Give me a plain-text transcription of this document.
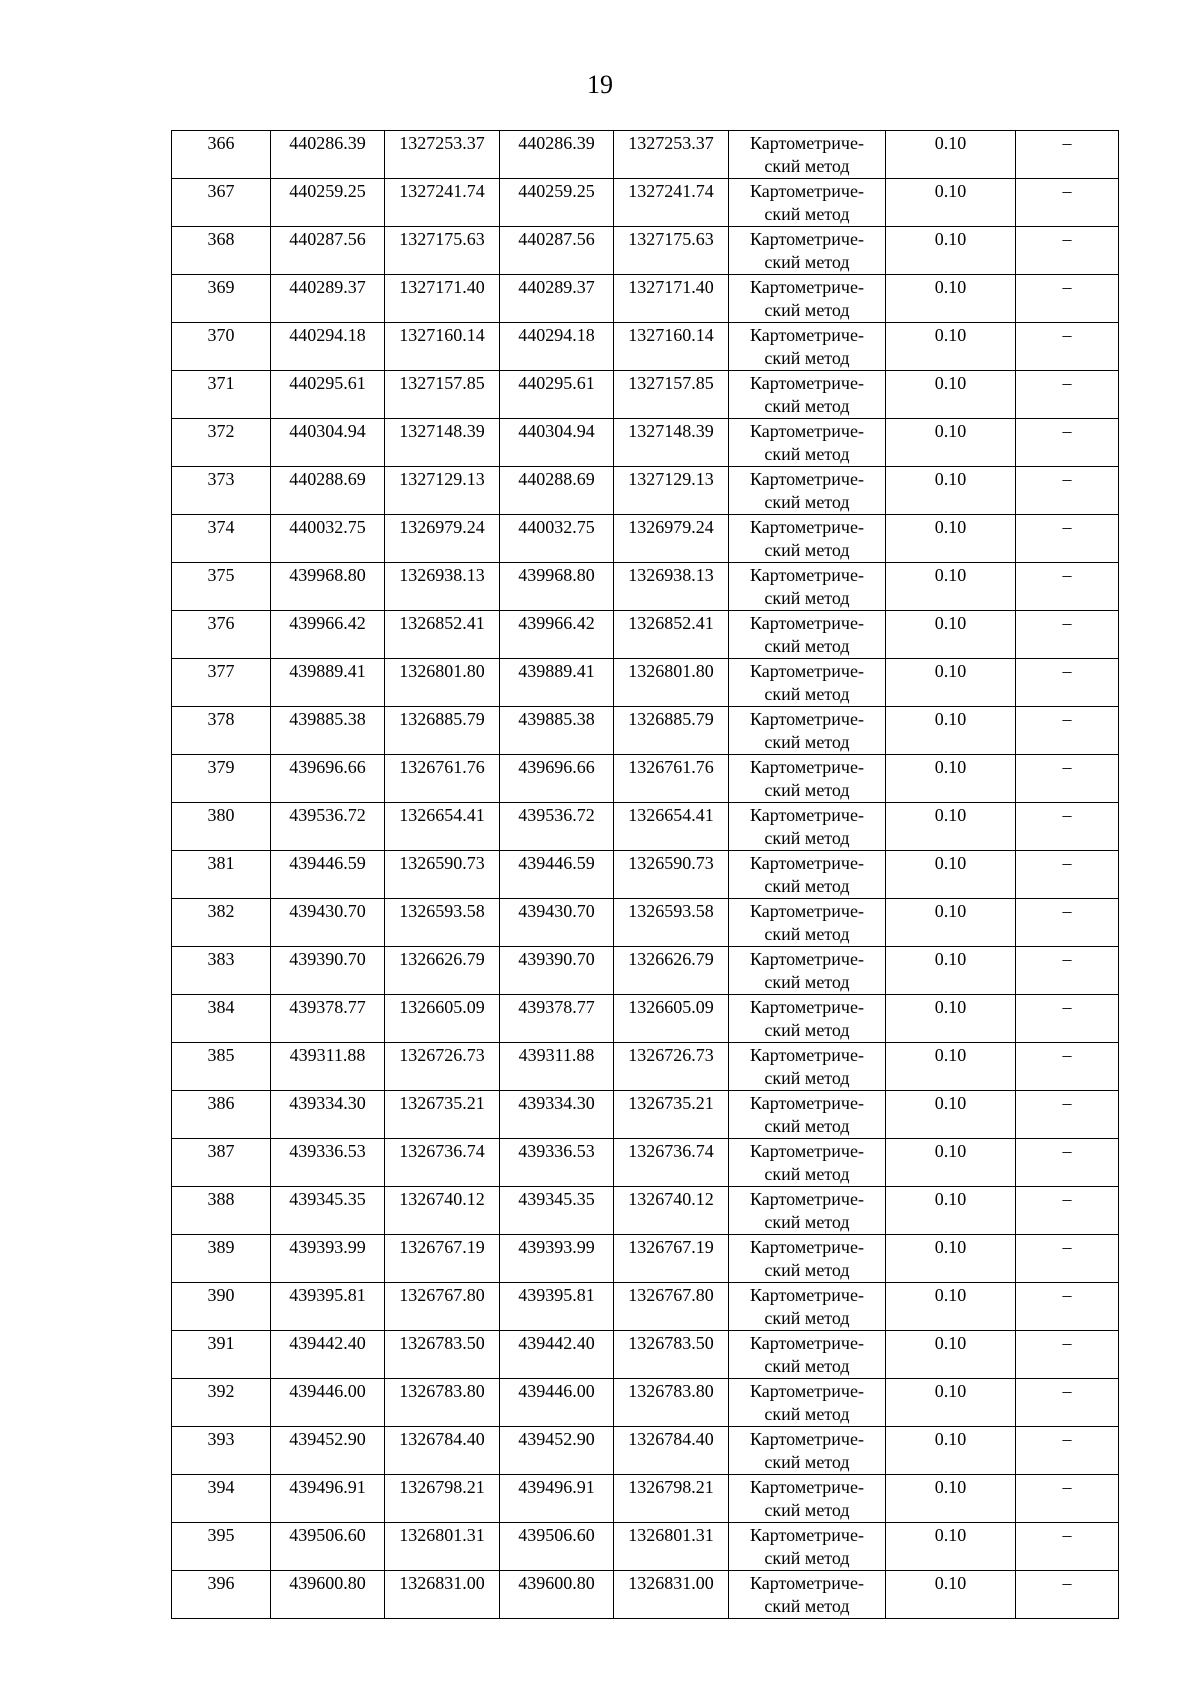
19
366	440286.39	1327253.37	440286.39	1327253.37	Картометриче-
ский метод	0.10	–

367	440259.25	1327241.74	440259.25	1327241.74	Картометриче-
ский метод	0.10	–

368	440287.56	1327175.63	440287.56	1327175.63	Картометриче-
ский метод	0.10	–

369	440289.37	1327171.40	440289.37	1327171.40	Картометриче-
ский метод	0.10	–

370	440294.18	1327160.14	440294.18	1327160.14	Картометриче-
ский метод	0.10	–

371	440295.61	1327157.85	440295.61	1327157.85	Картометриче-
ский метод	0.10	–

372	440304.94	1327148.39	440304.94	1327148.39	Картометриче-
ский метод	0.10	–

373	440288.69	1327129.13	440288.69	1327129.13	Картометриче-
ский метод	0.10	–

374	440032.75	1326979.24	440032.75	1326979.24	Картометриче-
ский метод	0.10	–

375	439968.80	1326938.13	439968.80	1326938.13	Картометриче-
ский метод	0.10	–

376	439966.42	1326852.41	439966.42	1326852.41	Картометриче-
ский метод	0.10	–

377	439889.41	1326801.80	439889.41	1326801.80	Картометриче-
ский метод	0.10	–

378	439885.38	1326885.79	439885.38	1326885.79	Картометриче-
ский метод	0.10	–

379	439696.66	1326761.76	439696.66	1326761.76	Картометриче-
ский метод	0.10	–

380	439536.72	1326654.41	439536.72	1326654.41	Картометриче-
ский метод	0.10	–

381	439446.59	1326590.73	439446.59	1326590.73	Картометриче-
ский метод	0.10	–

382	439430.70	1326593.58	439430.70	1326593.58	Картометриче-
ский метод	0.10	–

383	439390.70	1326626.79	439390.70	1326626.79	Картометриче-
ский метод	0.10	–

384	439378.77	1326605.09	439378.77	1326605.09	Картометриче-
ский метод	0.10	–

385	439311.88	1326726.73	439311.88	1326726.73	Картометриче-
ский метод	0.10	–

386	439334.30	1326735.21	439334.30	1326735.21	Картометриче-
ский метод	0.10	–

387	439336.53	1326736.74	439336.53	1326736.74	Картометриче-
ский метод	0.10	–

388	439345.35	1326740.12	439345.35	1326740.12	Картометриче-
ский метод	0.10	–

389	439393.99	1326767.19	439393.99	1326767.19	Картометриче-
ский метод	0.10	–

390	439395.81	1326767.80	439395.81	1326767.80	Картометриче-
ский метод	0.10	–

391	439442.40	1326783.50	439442.40	1326783.50	Картометриче-
ский метод	0.10	–

392	439446.00	1326783.80	439446.00	1326783.80	Картометриче-
ский метод	0.10	–

393	439452.90	1326784.40	439452.90	1326784.40	Картометриче-
ский метод	0.10	–

394	439496.91	1326798.21	439496.91	1326798.21	Картометриче-
ский метод	0.10	–

395	439506.60	1326801.31	439506.60	1326801.31	Картометриче-
ский метод	0.10	–

396	439600.80	1326831.00	439600.80	1326831.00	Картометриче-
ский метод	0.10	–
